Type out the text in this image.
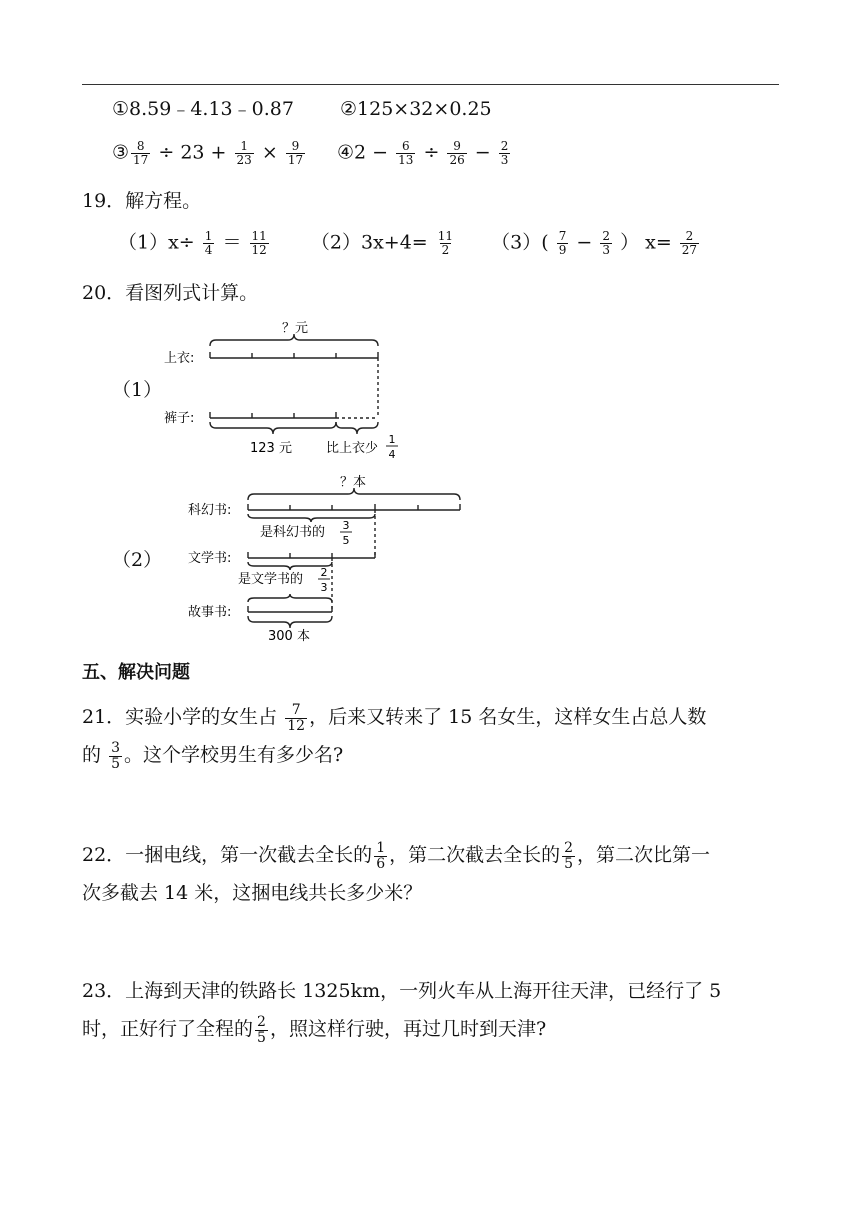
①8.59﹣4.13﹣0.87 ②125×32×0.25
③ $\frac{8}{17} \div 23 + \frac{1}{23} \times \frac{9}{17}$ ④2 − $\frac{6}{13} \div \frac{9}{26} - \frac{2}{3}$
19．解方程。
$(1)x\div \frac{1}{4} = \frac{11}{12} (2)3x+4= \frac{11}{2} (3)( \frac{7}{9} - \frac{2}{3}$ ） $x= \frac{2}{27}$
20．看图列式计算。
（1）
？元
上衣:
裤子:
123 元	比上衣少
1
4
（2）
？本
科幻书:
文学书:
故事书:
是科幻书的 3
5
是文学书的 2
3
300 本
五、解决问题
21．实验小学的女生占 $\frac{7}{12}$ ，后来又转来了 15 名女生，这样女生占总人数
的 $\frac{3}{5}$ 。这个学校男生有多少名?
22．一捆电线，第一次截去全长的 $\frac{1}{6}$ ，第二次截去全长的 $\frac{2}{5}$ ，第二次比第一
次多截去 14 米，这捆电线共长多少米？
23．上海到天津的铁路长 1325km，一列火车从上海开往天津，已经行了 5
时，正好行了全程的 $\frac{2}{5}$ ，照这样行驶，再过几时到天津?
